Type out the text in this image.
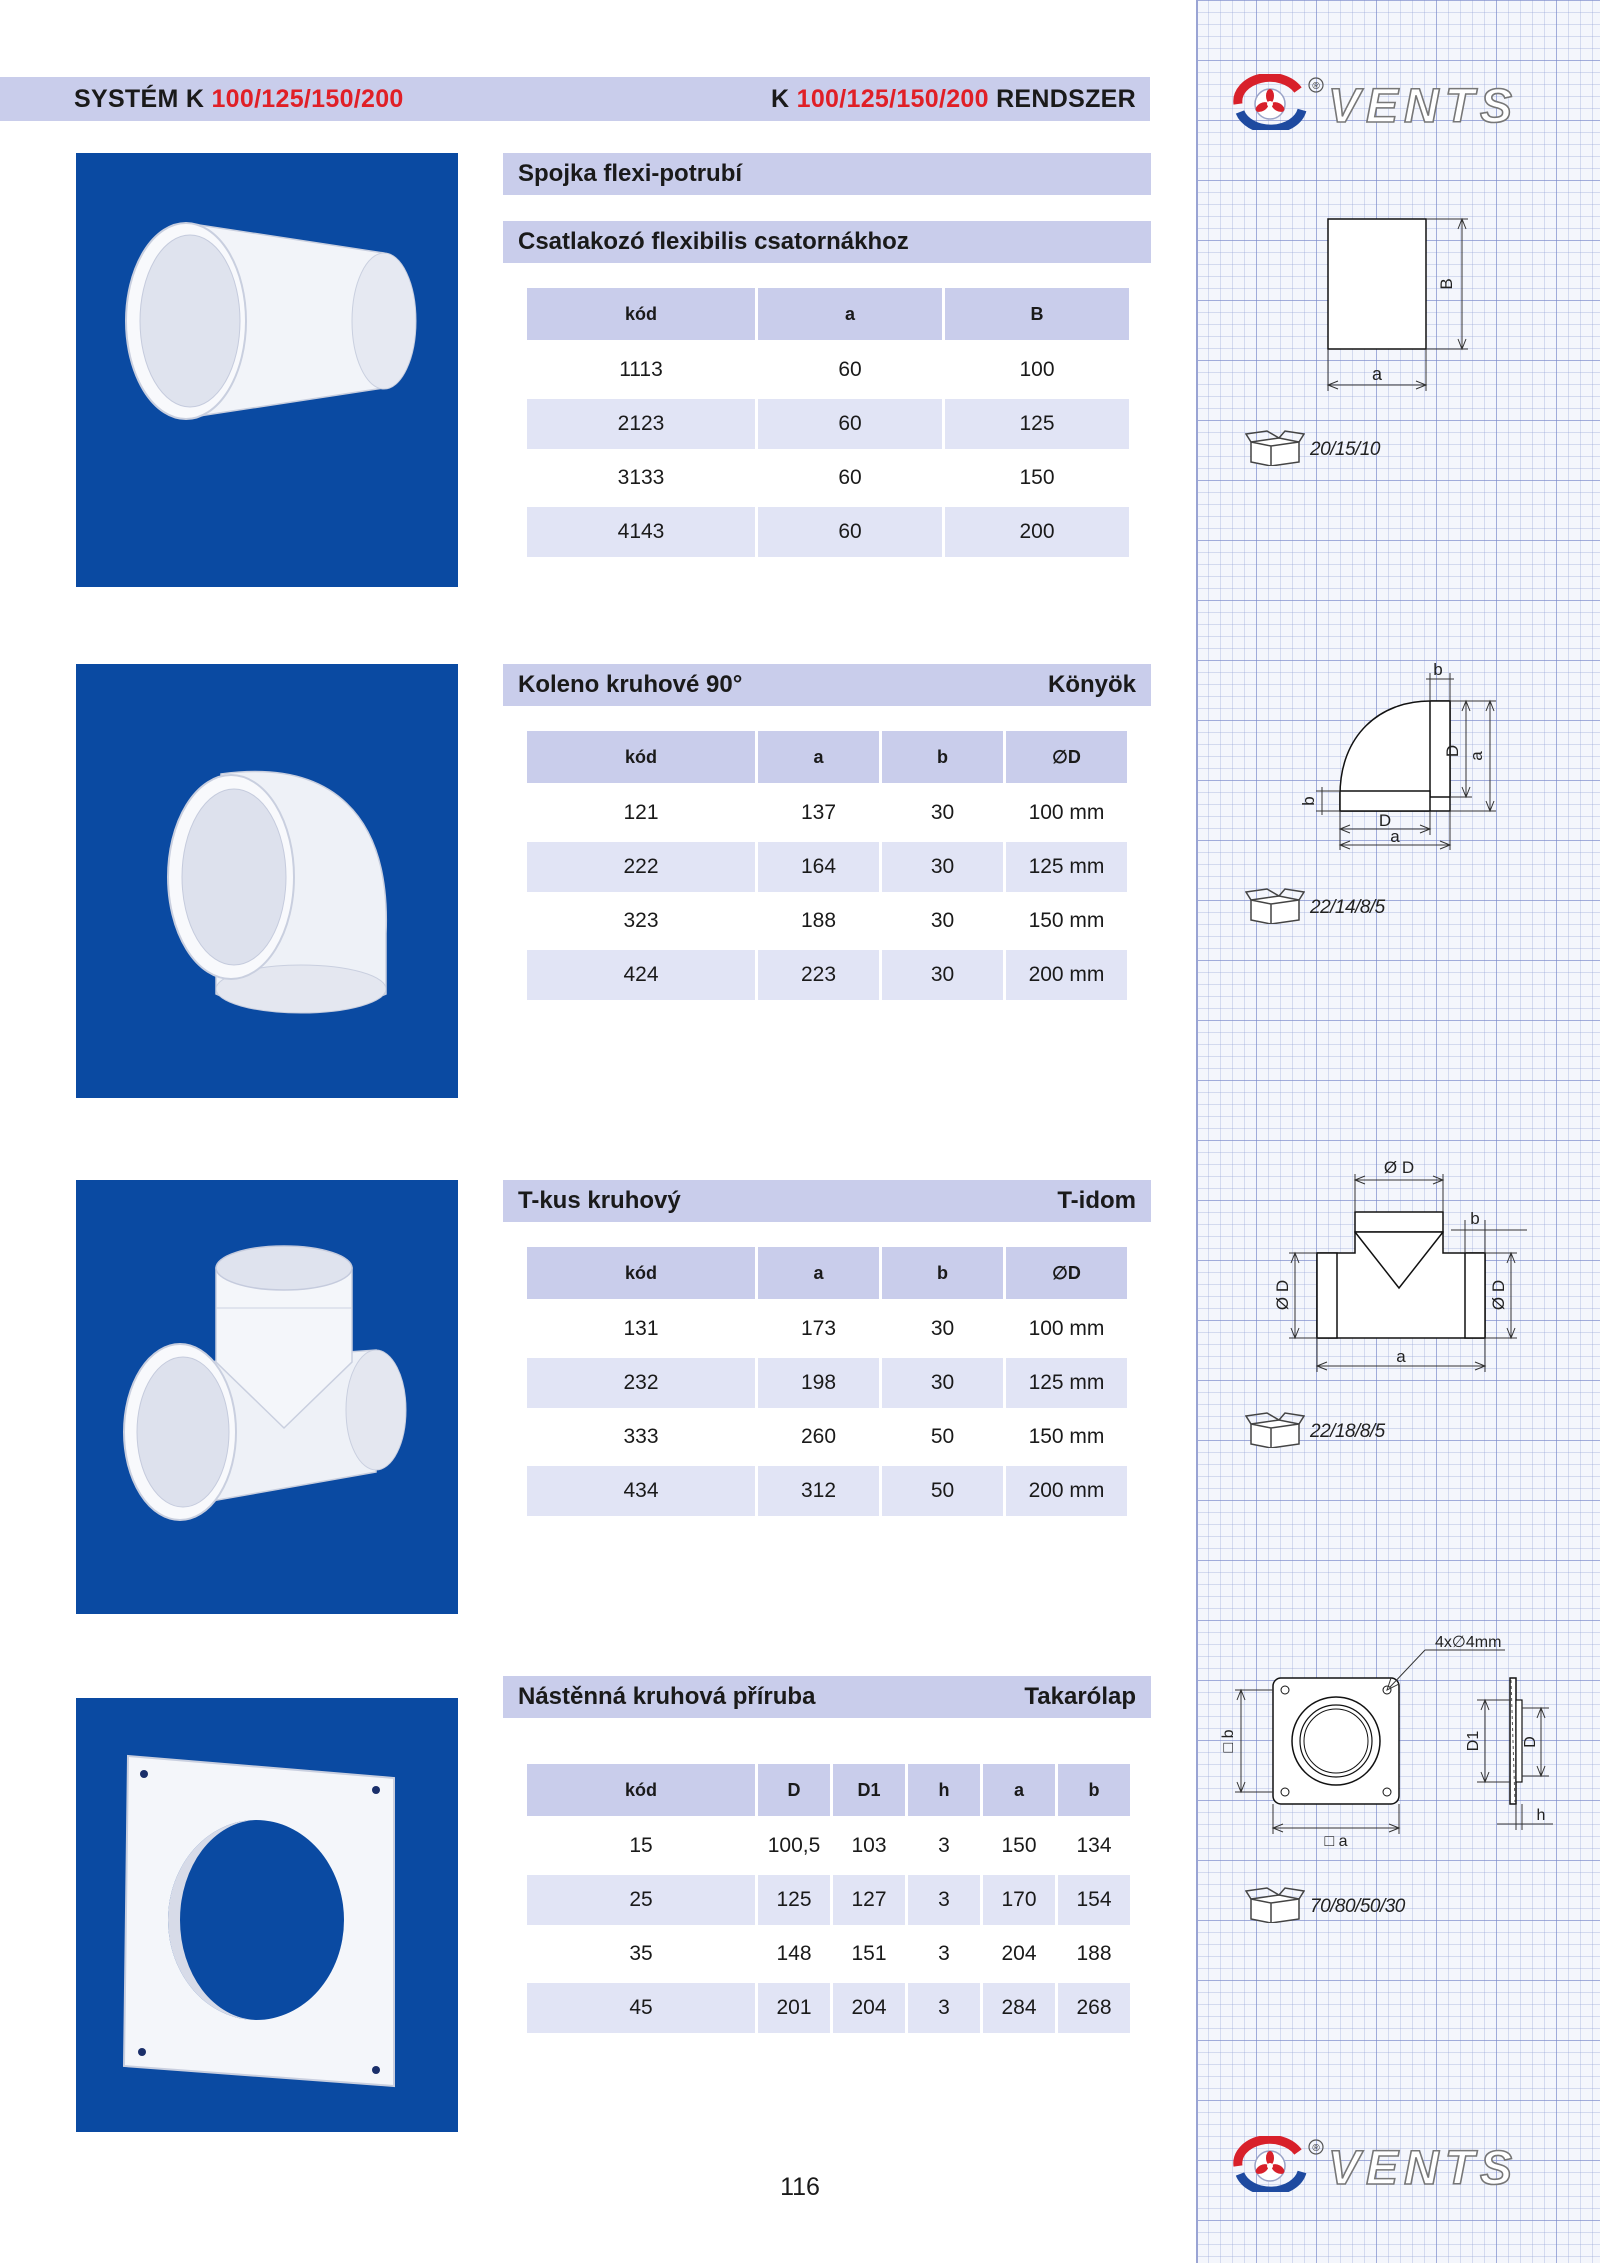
SYSTÉM K 100/125/150/200	K 100/125/150/200 RENDSZER	® VENTS
Spojka flexi-potrubí
Csatlakozó flexibilis csatornákhoz
kód	a	B
1113	60	100
2123	60	125
3133	60	150
4143	60	200
B
a
20/15/10
Koleno kruhové 90°	Könyök
kód	a	b	∅D
121	137	30	100 mm
222	164	30	125 mm
323	188	30	150 mm
424	223	30	200 mm
b
D a
b
D
a
22/14/8/5
T-kus kruhový	T-idom
kód	a	b	∅D
131	173	30	100 mm
232	198	30	125 mm
333	260	50	150 mm
434	312	50	200 mm
Ø D
b
Ø D	Ø D
a
22/18/8/5
Nástěnná kruhová příruba	Takarólap
kód	D	D1	h	a	b
15	100,5	103	3	150	134
25	125	127	3	170	154
35	148	151	3	204	188
45	201	204	3	284	268
4x∅4mm
□ b
□ a
D1	D
h
70/80/50/30
® VENTS
116
